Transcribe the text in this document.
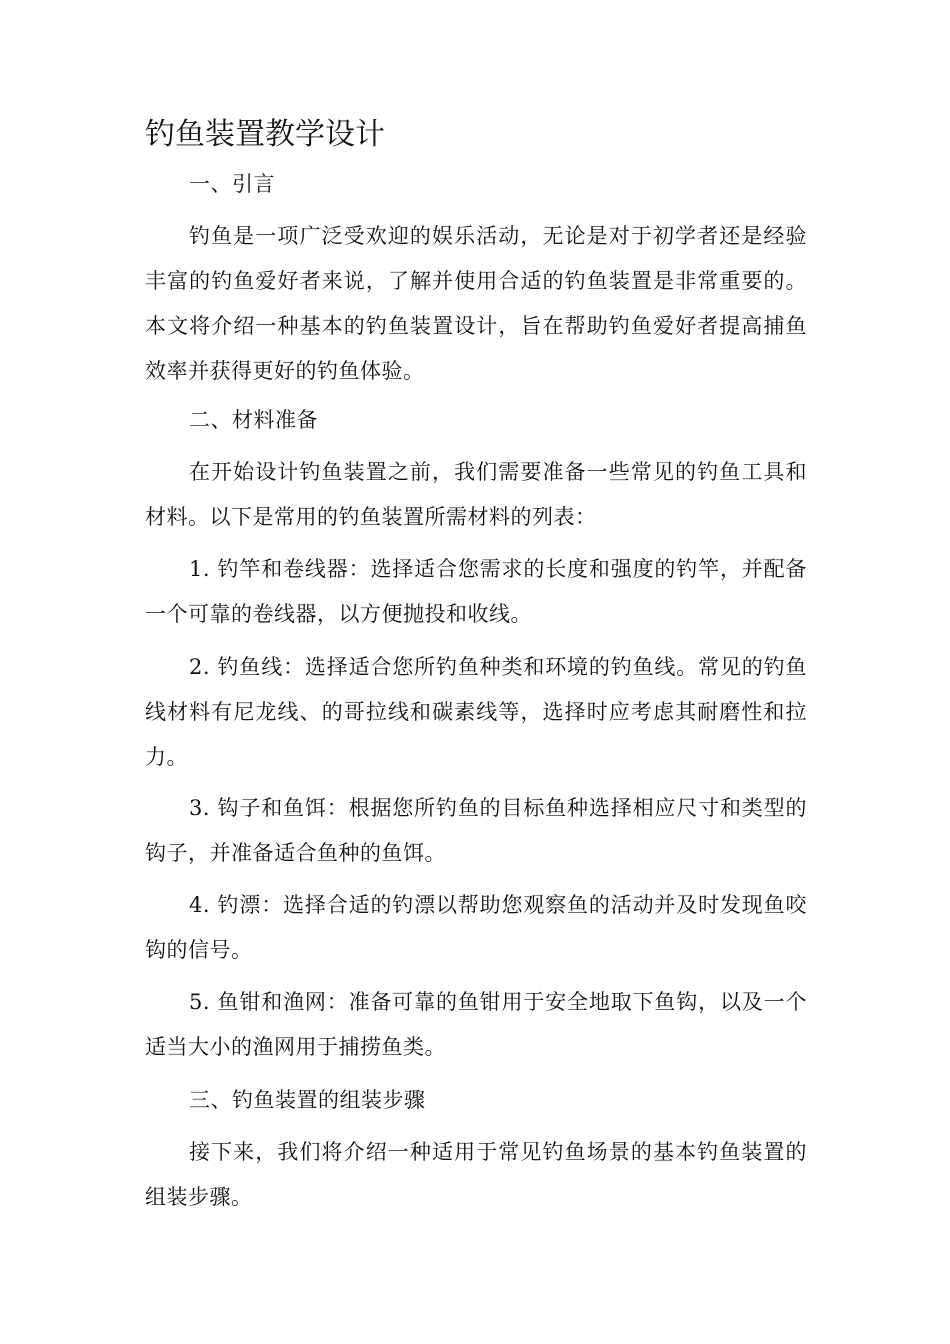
钓鱼装置教学设计

一、引言

钓鱼是一项广泛受欢迎的娱乐活动，无论是对于初学者还是经验丰富的钓鱼爱好者来说，了解并使用合适的钓鱼装置是非常重要的。本文将介绍一种基本的钓鱼装置设计，旨在帮助钓鱼爱好者提高捕鱼效率并获得更好的钓鱼体验。

二、材料准备

在开始设计钓鱼装置之前，我们需要准备一些常见的钓鱼工具和材料。以下是常用的钓鱼装置所需材料的列表：

1. 钓竿和卷线器：选择适合您需求的长度和强度的钓竿，并配备一个可靠的卷线器，以方便抛投和收线。

2. 钓鱼线：选择适合您所钓鱼种类和环境的钓鱼线。常见的钓鱼线材料有尼龙线、的哥拉线和碳素线等，选择时应考虑其耐磨性和拉力。

3. 钩子和鱼饵：根据您所钓鱼的目标鱼种选择相应尺寸和类型的钩子，并准备适合鱼种的鱼饵。

4. 钓漂：选择合适的钓漂以帮助您观察鱼的活动并及时发现鱼咬钩的信号。

5. 鱼钳和渔网：准备可靠的鱼钳用于安全地取下鱼钩，以及一个适当大小的渔网用于捕捞鱼类。

三、钓鱼装置的组装步骤

接下来，我们将介绍一种适用于常见钓鱼场景的基本钓鱼装置的组装步骤。
